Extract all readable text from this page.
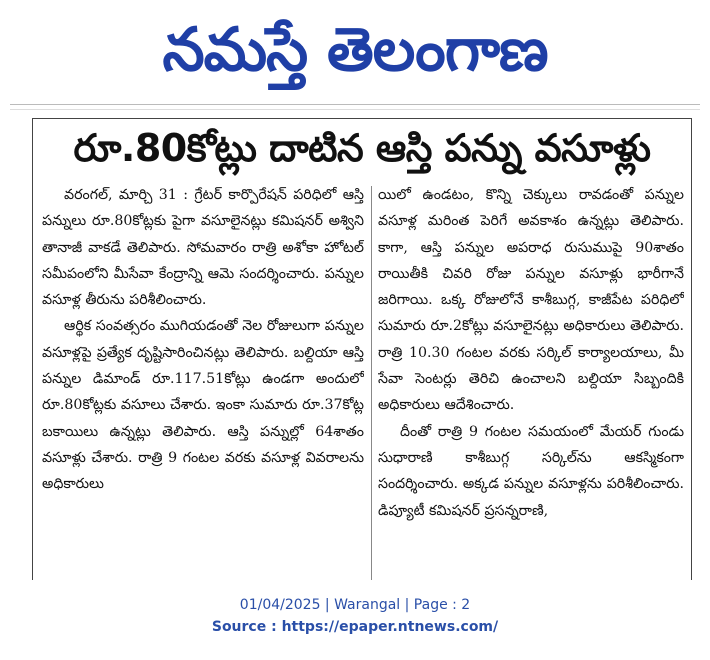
నమస్తే తెలంగాణ
రూ.80కోట్లు దాటిన ఆస్తి పన్ను వసూళ్లు

వరంగల్, మార్చి 31 : గ్రేటర్ కార్పొరేషన్ పరిధిలో ఆస్తి పన్నులు రూ.80కోట్లకు పైగా వసూలైనట్లు కమిషనర్ అశ్విని తానాజీ వాకడే తెలిపారు. సోమవారం రాత్రి అశోకా హోటల్ సమీపంలోని మీసేవా కేంద్రాన్ని ఆమె సందర్శించారు. పన్నుల వసూళ్ల తీరును పరిశీలించారు.

ఆర్థిక సంవత్సరం ముగియడంతో నెల రోజులుగా పన్నుల వసూళ్లపై ప్రత్యేక దృష్టిసారించినట్లు తెలిపారు. బల్దియా ఆస్తి పన్నుల డిమాండ్ రూ.117.51కోట్లు ఉండగా అందులో రూ.80కోట్లకు వసూలు చేశారు. ఇంకా సుమారు రూ.37కోట్ల బకాయిలు ఉన్నట్లు తెలిపారు. ఆస్తి పన్నుల్లో 64శాతం వసూళ్లు చేశారు. రాత్రి 9 గంటల వరకు వసూళ్ల వివరాలను అధికారులు

యిలో ఉండటం, కొన్ని చెక్కులు రావడంతో పన్నుల వసూళ్ల మరింత పెరిగే అవకాశం ఉన్నట్లు తెలిపారు. కాగా, ఆస్తి పన్నుల అపరాధ రుసుముపై 90శాతం రాయితీకి చివరి రోజు పన్నుల వసూళ్లు భారీగానే జరిగాయి. ఒక్క రోజులోనే కాశీబుగ్గ, కాజీపేట పరిధిలో సుమారు రూ.2కోట్లు వసూలైనట్లు అధికారులు తెలిపారు. రాత్రి 10.30 గంటల వరకు సర్కిల్ కార్యాలయాలు, మీ సేవా సెంటర్లు తెరిచి ఉంచాలని బల్దియా సిబ్బందికి అధికారులు ఆదేశించారు.

దీంతో రాత్రి 9 గంటల సమయంలో మేయర్ గుండు సుధారాణి కాశీబుగ్గ సర్కిల్‌ను ఆకస్మికంగా సందర్శించారు. అక్కడ పన్నుల వసూళ్లను పరిశీలించారు. డిప్యూటీ కమిషనర్ ప్రసన్నరాణి,

01/04/2025 | Warangal | Page : 2
Source : https://epaper.ntnews.com/
